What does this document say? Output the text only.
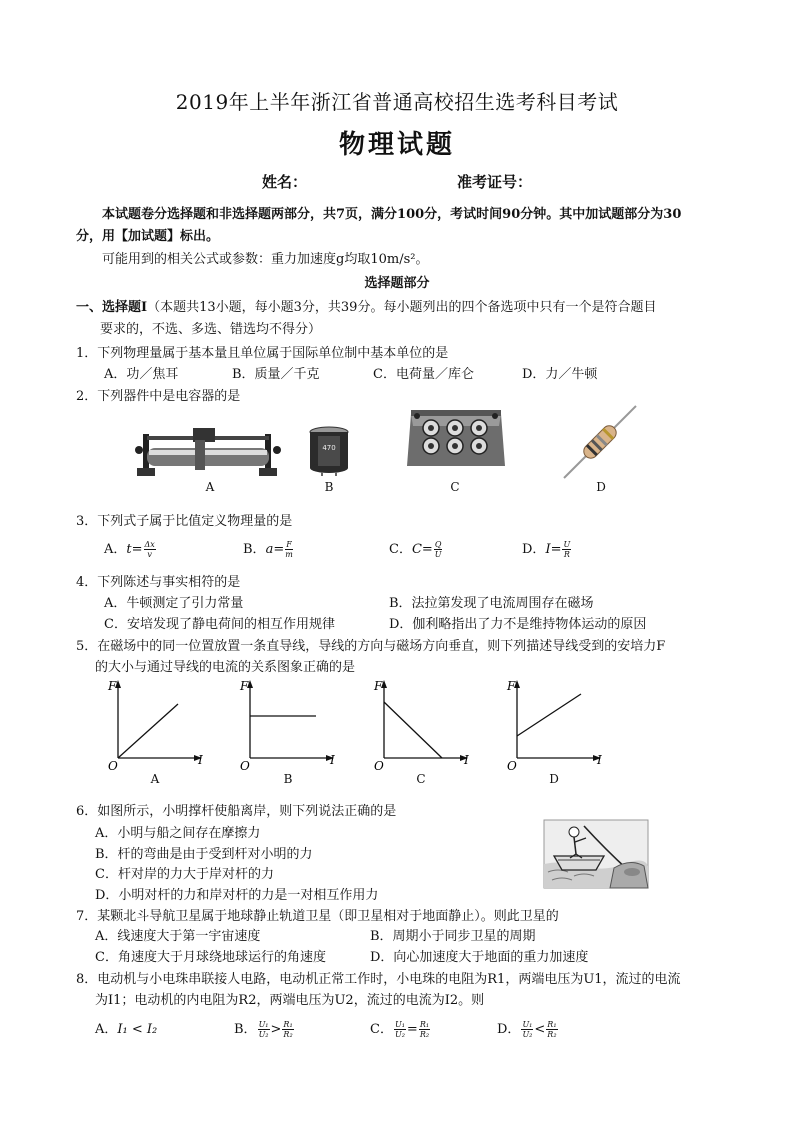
2019年上半年浙江省普通高校招生选考科目考试
物理试题
姓名：	准考证号：
本试题卷分选择题和非选择题两部分，共7页，满分100分，考试时间90分钟。其中加试题部分为30
分，用【加试题】标出。
可能用到的相关公式或参数：重力加速度g均取10m/s²。
选择题部分
一、选择题Ⅰ（本题共13小题，每小题3分，共39分。每小题列出的四个备选项中只有一个是符合题目
要求的，不选、多选、错选均不得分）
1．下列物理量属于基本量且单位属于国际单位制中基本单位的是
A．功／焦耳	B．质量／千克	C．电荷量／库仑	D．力／牛顿
2．下列器件中是电容器的是
A
470
B	C	D
3．下列式子属于比值定义物理量的是
A．$t= \frac{\Delta x}{v}$	B．$a= \frac{F}{m}$	C．$C= \frac{Q}{U}$	D．$I= \frac{U}{R}$
4．下列陈述与事实相符的是
A．牛顿测定了引力常量	B．法拉第发现了电流周围存在磁场
C．安培发现了静电荷间的相互作用规律	D．伽利略指出了力不是维持物体运动的原因
5．在磁场中的同一位置放置一条直导线，导线的方向与磁场方向垂直，则下列描述导线受到的安培力F
的大小与通过导线的电流的关系图象正确的是
F
I
O
A
F
I
O
B
F
I
O
C
F
I
O
D
6．如图所示，小明撑杆使船离岸，则下列说法正确的是
A．小明与船之间存在摩擦力
B．杆的弯曲是由于受到杆对小明的力
C．杆对岸的力大于岸对杆的力
D．小明对杆的力和岸对杆的力是一对相互作用力
7．某颗北斗导航卫星属于地球静止轨道卫星（即卫星相对于地面静止）。则此卫星的
A．线速度大于第一宇宙速度	B．周期小于同步卫星的周期
C．角速度大于月球绕地球运行的角速度	D．向心加速度大于地面的重力加速度
8．电动机与小电珠串联接人电路，电动机正常工作时，小电珠的电阻为R1，两端电压为U1，流过的电流
为I1；电动机的内电阻为R2，两端电压为U2，流过的电流为I2。则
A．I₁ < I₂	B． $\frac{\text{U₁}}{\text{U₂}} > \frac{\text{R₁}}{\text{R₂}}$	C． $\frac{\text{U₁}}{\text{U₂}} = \frac{\text{R₁}}{\text{R₂}}$	D． $\frac{\text{U₁}}{\text{U₂}} < \frac{\text{R₁}}{\text{R₂}}$
